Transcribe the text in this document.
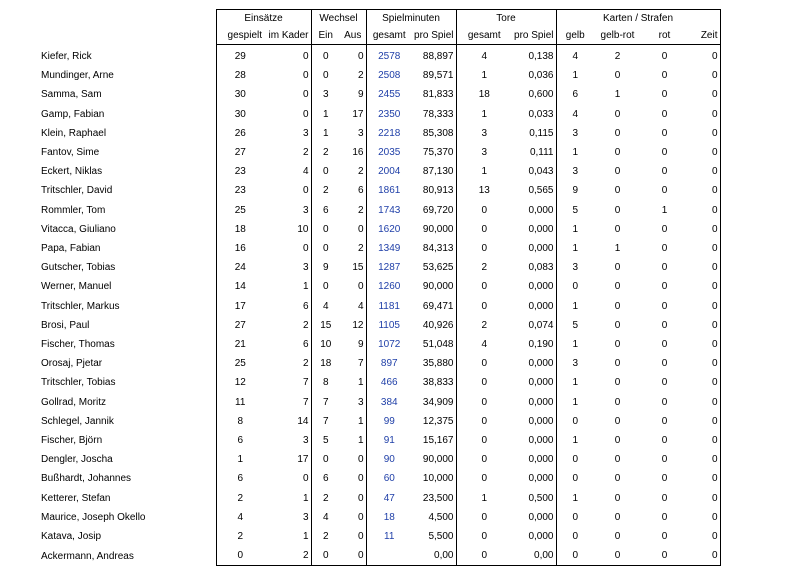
	Einsätze		Wechsel		Spielminuten		Tore		Karten / Strafen			
	gespielt	im Kader	Ein	Aus	gesamt	pro Spiel	gesamt	pro Spiel	gelb	gelb-rot	rot	Zeit
Kiefer, Rick	29	0	0	0	2578	88,897	4	0,138	4	2	0	0
Mundinger, Arne	28	0	0	2	2508	89,571	1	0,036	1	0	0	0
Samma, Sam	30	0	3	9	2455	81,833	18	0,600	6	1	0	0
Gamp, Fabian	30	0	1	17	2350	78,333	1	0,033	4	0	0	0
Klein, Raphael	26	3	1	3	2218	85,308	3	0,115	3	0	0	0
Fantov, Sime	27	2	2	16	2035	75,370	3	0,111	1	0	0	0
Eckert, Niklas	23	4	0	2	2004	87,130	1	0,043	3	0	0	0
Tritschler, David	23	0	2	6	1861	80,913	13	0,565	9	0	0	0
Rommler, Tom	25	3	6	2	1743	69,720	0	0,000	5	0	1	0
Vitacca, Giuliano	18	10	0	0	1620	90,000	0	0,000	1	0	0	0
Papa, Fabian	16	0	0	2	1349	84,313	0	0,000	1	1	0	0
Gutscher, Tobias	24	3	9	15	1287	53,625	2	0,083	3	0	0	0
Werner, Manuel	14	1	0	0	1260	90,000	0	0,000	0	0	0	0
Tritschler, Markus	17	6	4	4	1181	69,471	0	0,000	1	0	0	0
Brosi, Paul	27	2	15	12	1105	40,926	2	0,074	5	0	0	0
Fischer, Thomas	21	6	10	9	1072	51,048	4	0,190	1	0	0	0
Orosaj, Pjetar	25	2	18	7	897	35,880	0	0,000	3	0	0	0
Tritschler, Tobias	12	7	8	1	466	38,833	0	0,000	1	0	0	0
Gollrad, Moritz	11	7	7	3	384	34,909	0	0,000	1	0	0	0
Schlegel, Jannik	8	14	7	1	99	12,375	0	0,000	0	0	0	0
Fischer, Björn	6	3	5	1	91	15,167	0	0,000	1	0	0	0
Dengler, Joscha	1	17	0	0	90	90,000	0	0,000	0	0	0	0
Bußhardt, Johannes	6	0	6	0	60	10,000	0	0,000	0	0	0	0
Ketterer, Stefan	2	1	2	0	47	23,500	1	0,500	1	0	0	0
Maurice, Joseph Okello	4	3	4	0	18	4,500	0	0,000	0	0	0	0
Katava, Josip	2	1	2	0	11	5,500	0	0,000	0	0	0	0
Ackermann, Andreas	0	2	0	0		0,00	0	0,00	0	0	0	0
